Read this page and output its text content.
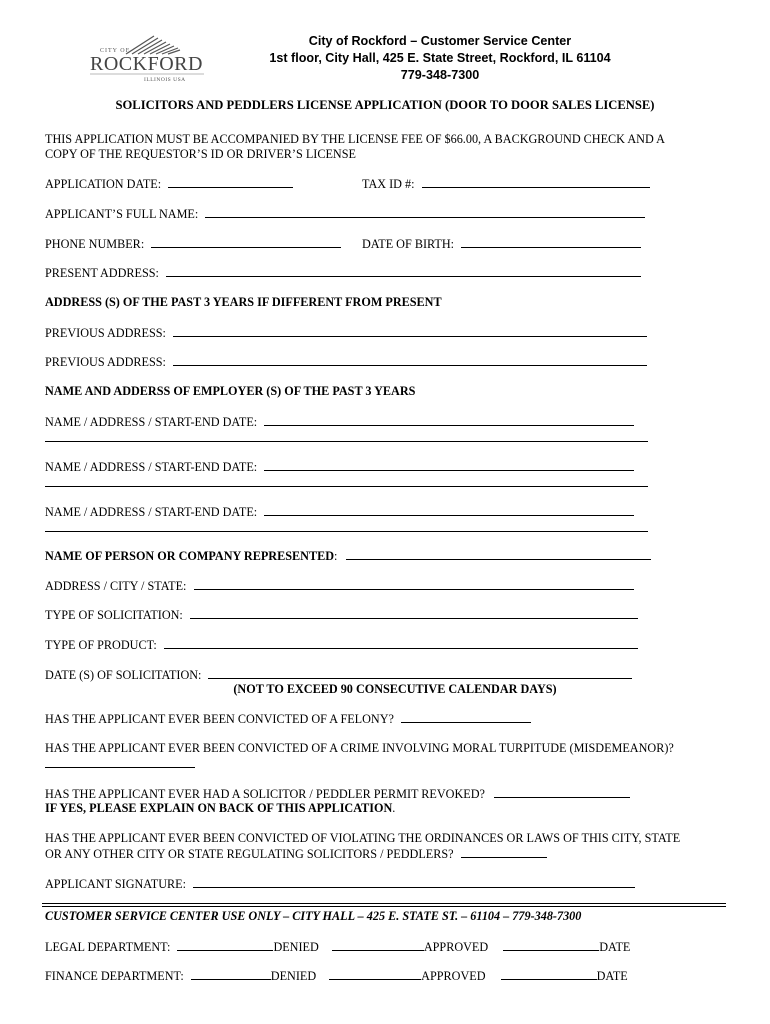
CITY OF
ROCKFORD
ILLINOIS USA
City of Rockford – Customer Service Center
1st floor, City Hall, 425 E. State Street, Rockford, IL 61104
779-348-7300
SOLICITORS AND PEDDLERS LICENSE APPLICATION (DOOR TO DOOR SALES LICENSE)
THIS APPLICATION MUST BE ACCOMPANIED BY THE LICENSE FEE OF $66.00, A BACKGROUND CHECK AND A
COPY OF THE REQUESTOR’S ID OR DRIVER’S LICENSE
APPLICATION DATE:	TAX ID #:
APPLICANT’S FULL NAME:
PHONE NUMBER:	DATE OF BIRTH:
PRESENT ADDRESS:
ADDRESS (S) OF THE PAST 3 YEARS IF DIFFERENT FROM PRESENT
PREVIOUS ADDRESS:
PREVIOUS ADDRESS:
NAME AND ADDERSS OF EMPLOYER (S) OF THE PAST 3 YEARS
NAME / ADDRESS / START-END DATE:
NAME / ADDRESS / START-END DATE:
NAME / ADDRESS / START-END DATE:
NAME OF PERSON OR COMPANY REPRESENTED:
ADDRESS / CITY / STATE:
TYPE OF SOLICITATION:
TYPE OF PRODUCT:
DATE (S) OF SOLICITATION:
(NOT TO EXCEED 90 CONSECUTIVE CALENDAR DAYS)
HAS THE APPLICANT EVER BEEN CONVICTED OF A FELONY?
HAS THE APPLICANT EVER BEEN CONVICTED OF A CRIME INVOLVING MORAL TURPITUDE (MISDEMEANOR)?
HAS THE APPLICANT EVER HAD A SOLICITOR / PEDDLER PERMIT REVOKED?
IF YES, PLEASE EXPLAIN ON BACK OF THIS APPLICATION.
HAS THE APPLICANT EVER BEEN CONVICTED OF VIOLATING THE ORDINANCES OR LAWS OF THIS CITY, STATE
OR ANY OTHER CITY OR STATE REGULATING SOLICITORS / PEDDLERS?
APPLICANT SIGNATURE:
CUSTOMER SERVICE CENTER USE ONLY – CITY HALL – 425 E. STATE ST. – 61104 – 779-348-7300
LEGAL DEPARTMENT:	DENIED	APPROVED	DATE
FINANCE DEPARTMENT:	DENIED	APPROVED	DATE
